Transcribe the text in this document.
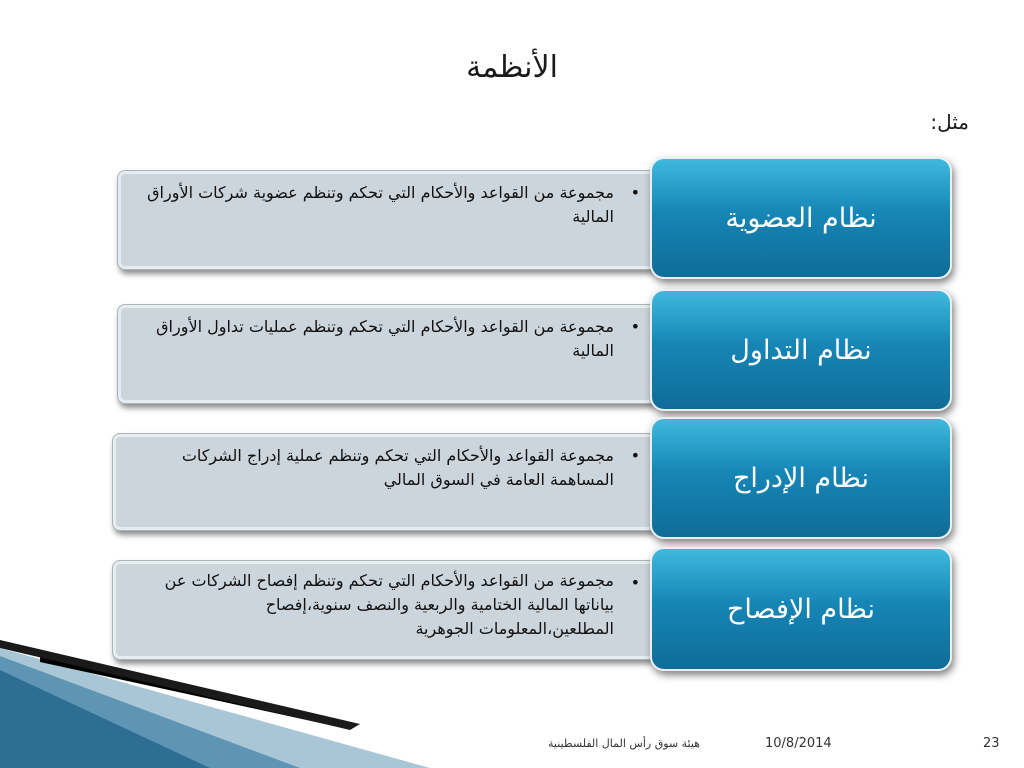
الأنظمة
مثل:
•
مجموعة من القواعد والأحكام التي تحكم وتنظم عضوية شركات الأوراق المالية	نظام العضوية
•
مجموعة من القواعد والأحكام التي تحكم وتنظم عمليات تداول الأوراق المالية	نظام التداول
•
مجموعة القواعد والأحكام التي تحكم وتنظم عملية إدراج الشركات المساهمة العامة في السوق المالي	نظام الإدراج
•
مجموعة من القواعد والأحكام التي تحكم وتنظم إفصاح الشركات عن بياناتها المالية الختامية والربعية والنصف سنوية،إفصاح المطلعين،المعلومات الجوهرية
نظام الإفصاح
هيئة سوق رأس المال الفلسطينية	10/8/2014	23
